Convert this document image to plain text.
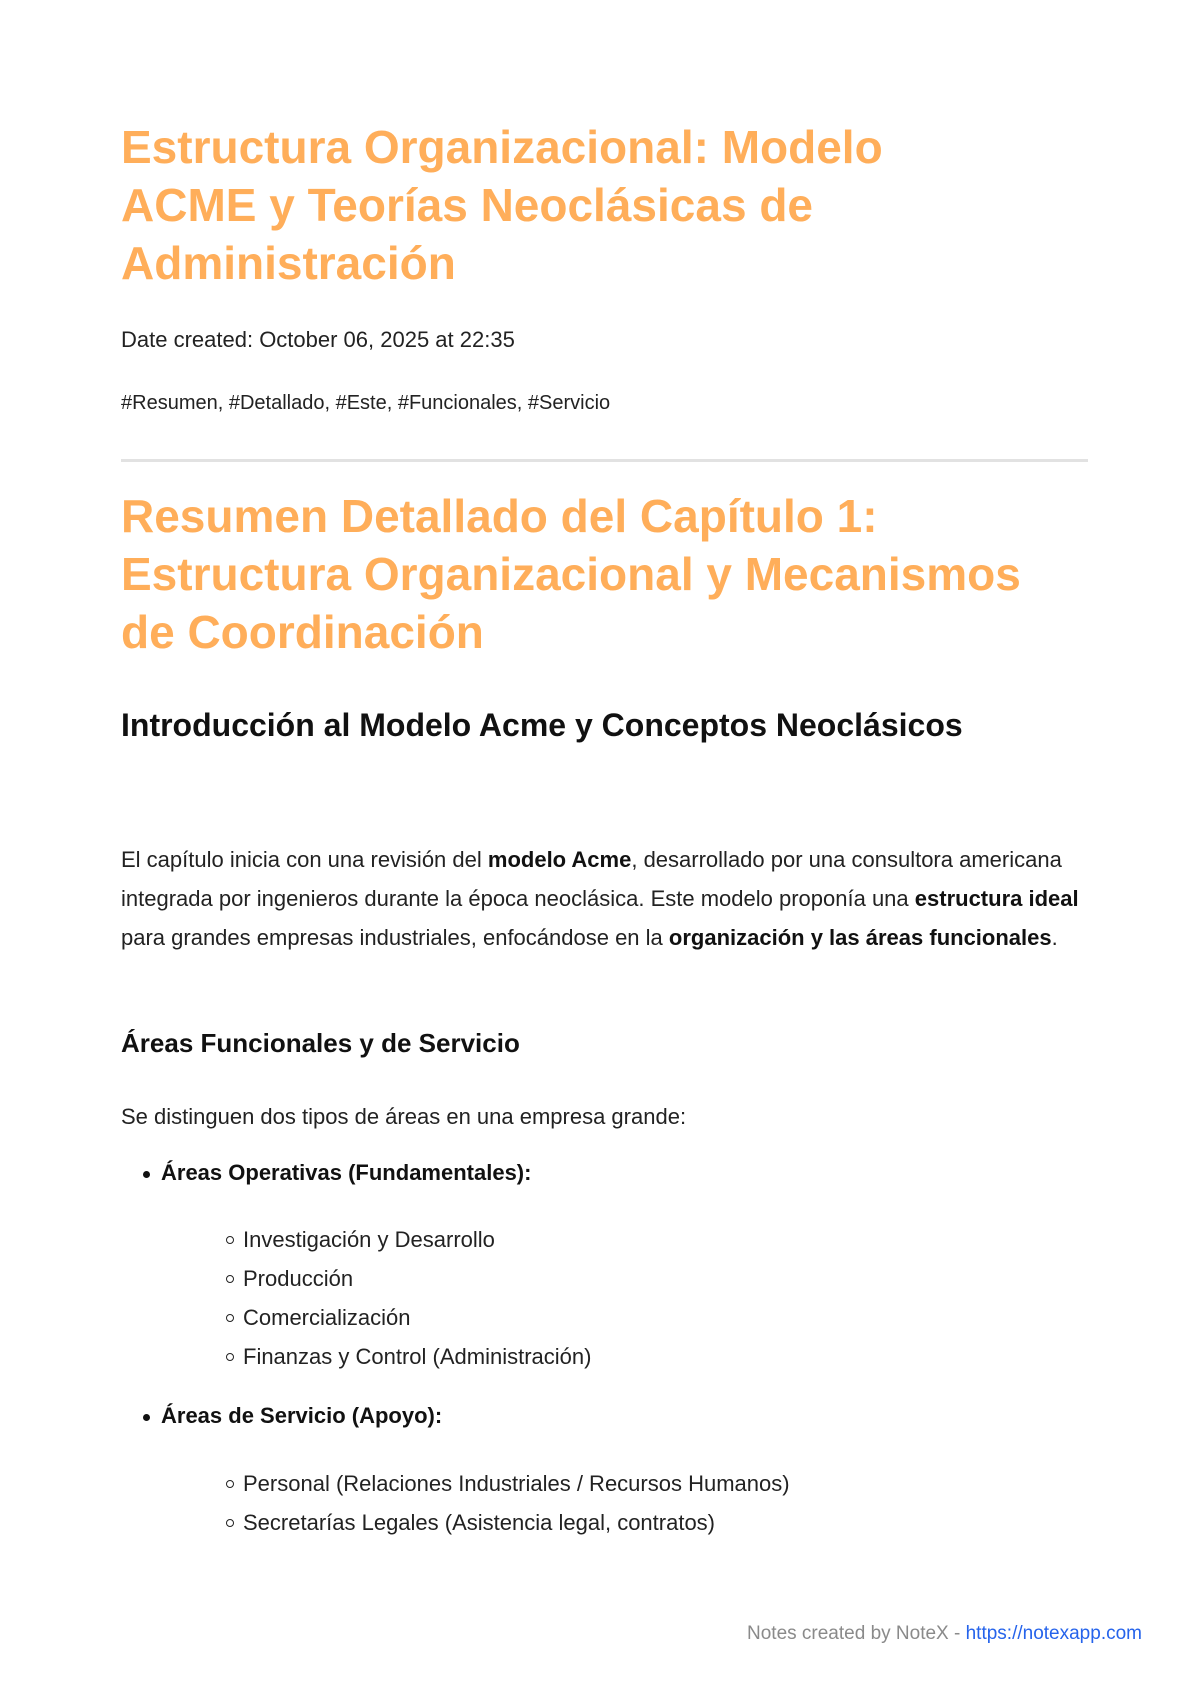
Estructura Organizacional: Modelo ACME y Teorías Neoclásicas de Administración

Date created: October 06, 2025 at 22:35

#Resumen, #Detallado, #Este, #Funcionales, #Servicio

Resumen Detallado del Capítulo 1: Estructura Organizacional y Mecanismos de Coordinación
Introducción al Modelo Acme y Conceptos Neoclásicos

El capítulo inicia con una revisión del modelo Acme, desarrollado por una consultora americana integrada por ingenieros durante la época neoclásica. Este modelo proponía una estructura ideal para grandes empresas industriales, enfocándose en la organización y las áreas funcionales.

Áreas Funcionales y de Servicio

Se distinguen dos tipos de áreas en una empresa grande:

Áreas Operativas (Fundamentales):
Investigación y Desarrollo
Producción
Comercialización
Finanzas y Control (Administración)
Áreas de Servicio (Apoyo):
Personal (Relaciones Industriales / Recursos Humanos)
Secretarías Legales (Asistencia legal, contratos)
Notes created by NoteX - https://notexapp.com
